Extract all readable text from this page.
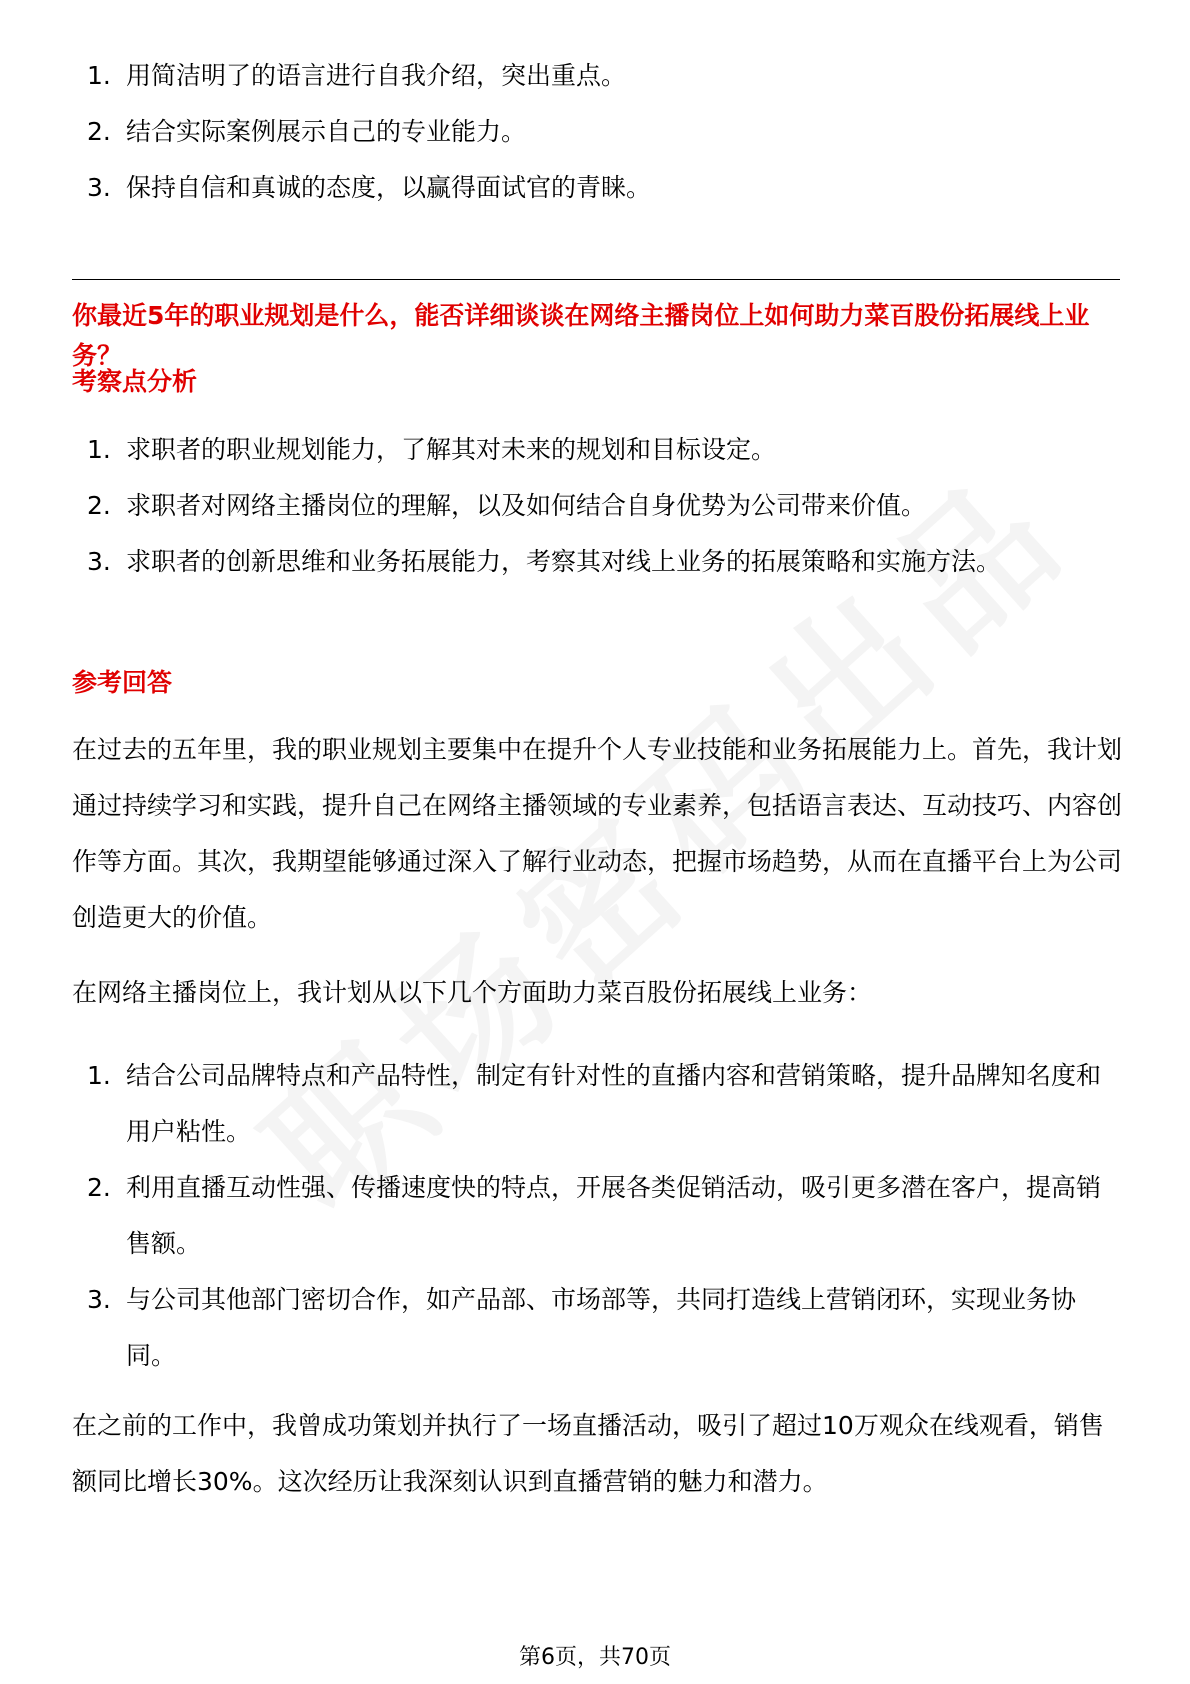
1. 用简洁明了的语言进行自我介绍，突出重点。
2. 结合实际案例展示自己的专业能力。
3. 保持自信和真诚的态度，以赢得面试官的青睐。
你最近5年的职业规划是什么，能否详细谈谈在网络主播岗位上如何助力菜百股份拓展线上业务？
考察点分析
1. 求职者的职业规划能力，了解其对未来的规划和目标设定。
2. 求职者对网络主播岗位的理解，以及如何结合自身优势为公司带来价值。
3. 求职者的创新思维和业务拓展能力，考察其对线上业务的拓展策略和实施方法。
参考回答
在过去的五年里，我的职业规划主要集中在提升个人专业技能和业务拓展能力上。首先，我计划通过持续学习和实践，提升自己在网络主播领域的专业素养，包括语言表达、互动技巧、内容创作等方面。其次，我期望能够通过深入了解行业动态，把握市场趋势，从而在直播平台上为公司创造更大的价值。
在网络主播岗位上，我计划从以下几个方面助力菜百股份拓展线上业务：
1. 结合公司品牌特点和产品特性，制定有针对性的直播内容和营销策略，提升品牌知名度和用户粘性。
2. 利用直播互动性强、传播速度快的特点，开展各类促销活动，吸引更多潜在客户，提高销售额。
3. 与公司其他部门密切合作，如产品部、市场部等，共同打造线上营销闭环，实现业务协同。
在之前的工作中，我曾成功策划并执行了一场直播活动，吸引了超过10万观众在线观看，销售额同比增长30%。这次经历让我深刻认识到直播营销的魅力和潜力。
第6页，共70页
